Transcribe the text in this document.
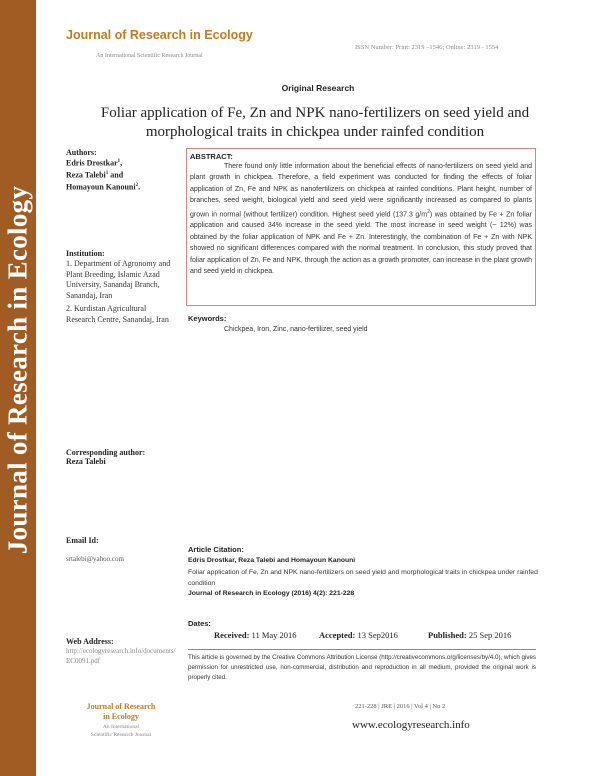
Journal of Research in Ecology
Journal of Research in Ecology
An International Scientific Research Journal
ISSN Number: Print: 2319 –1546; Online: 2319 - 1554
Original Research
Foliar application of Fe, Zn and NPK nano-fertilizers on seed yield and
morphological traits in chickpea under rainfed condition
Authors:
Edris Drostkar$^1$,
Reza Talebi$^1$ and
Homayoun Kanouni$^2$.
Institution:
1. Department of Agronomy and Plant Breeding, Islamic Azad University, Sanandaj Branch, Sanandaj, Iran
2. Kurdistan Agricultural Research Centre, Sanandaj, Iran
Corresponding author:
Reza Talebi
Email Id:
srtalebi@yahoo.com
Web Address:
http://ecologyresearch.info/documents/EC0091.pdf
ABSTRACT:
There found only little information about the beneficial effects of nano-fertilizers on seed yield and plant growth in chickpea. Therefore, a field experiment was conducted for finding the effects of foliar application of Zn, Fe and NPK as nanofertilizers on chickpea at rainfed conditions. Plant height, number of branches, seed weight, biological yield and seed yield were significantly increased as compared to plants grown in normal (without fertilizer) condition. Highest seed yield (137.3 $g/m^2$) was obtained by Fe + Zn foliar application and caused 34% increase in the seed yield. The most increase in seed weight (~ 12%) was obtained by the foliar application of NPK and Fe + Zn. Interestingly, the combination of Fe + Zn with NPK showed no significant differences compared with the normal treatment. In conclusion, this study proved that foliar application of Zn, Fe and NPK, through the action as a growth promoter, can increase in the plant growth and seed yield in chickpea.
Keywords:
Chickpea, Iron, Zinc, nano-fertilizer, seed yield
Article Citation:
Edris Drostkar, Reza Talebi and Homayoun Kanouni
Foliar application of Fe, Zn and NPK nano-fertilizers on seed yield and morphological traits in chickpea under rainfed condition
Journal of Research in Ecology (2016) 4(2): 221-228
Dates:
Received: 11 May 2016	Accepted: 13 Sep2016	Published: 25 Sep 2016
This article is governed by the Creative Commons Attribution License (http://creativecommons.org/licenses/by/4.0), which gives permission for unrestricted use, non-commercial, distribution and reproduction in all medium, provided the original work is properly cited.
Journal of Research
in Ecology
An International
Scientific Research Journal
221-228 | JRE | 2016 | Vol 4 | No 2
www.ecologyresearch.info
